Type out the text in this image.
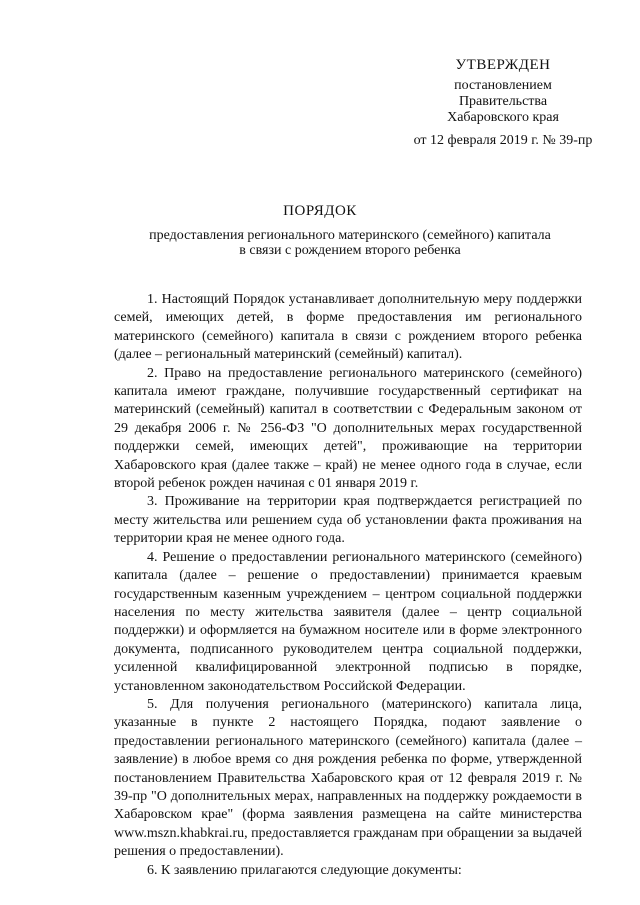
УТВЕРЖДЕН
постановлением
Правительства
Хабаровского края
от 12 февраля 2019 г. № 39-пр
ПОРЯДОК
предоставления регионального материнского (семейного) капитала
в связи с рождением второго ребенка

1. Настоящий Порядок устанавливает дополнительную меру поддержки семей, имеющих детей, в форме предоставления им регионального материнского (семейного) капитала в связи с рождением второго ребенка (далее – региональный материнский (семейный) капитал).

2. Право на предоставление регионального материнского (семейного) капитала имеют граждане, получившие государственный сертификат на материнский (семейный) капитал в соответствии с Федеральным законом от 29 декабря 2006 г. № 256-ФЗ "О дополнительных мерах государственной поддержки семей, имеющих детей", проживающие на территории Хабаровского края (далее также – край) не менее одного года в случае, если второй ребенок рожден начиная с 01 января 2019 г.

3. Проживание на территории края подтверждается регистрацией по месту жительства или решением суда об установлении факта проживания на территории края не менее одного года.

4. Решение о предоставлении регионального материнского (семейного) капитала (далее – решение о предоставлении) принимается краевым государственным казенным учреждением – центром социальной поддержки населения по месту жительства заявителя (далее – центр социальной поддержки) и оформляется на бумажном носителе или в форме электронного документа, подписанного руководителем центра социальной поддержки, усиленной квалифицированной электронной подписью в порядке, установленном законодательством Российской Федерации.

5. Для получения регионального (материнского) капитала лица, указанные в пункте 2 настоящего Порядка, подают заявление о предоставлении регионального материнского (семейного) капитала (далее – заявление) в любое время со дня рождения ребенка по форме, утвержденной постановлением Правительства Хабаровского края от 12 февраля 2019 г. № 39-пр "О дополнительных мерах, направленных на поддержку рождаемости в Хабаровском крае" (форма заявления размещена на сайте министерства www.mszn.khabkrai.ru, предоставляется гражданам при обращении за выдачей решения о предоставлении).

6. К заявлению прилагаются следующие документы:
